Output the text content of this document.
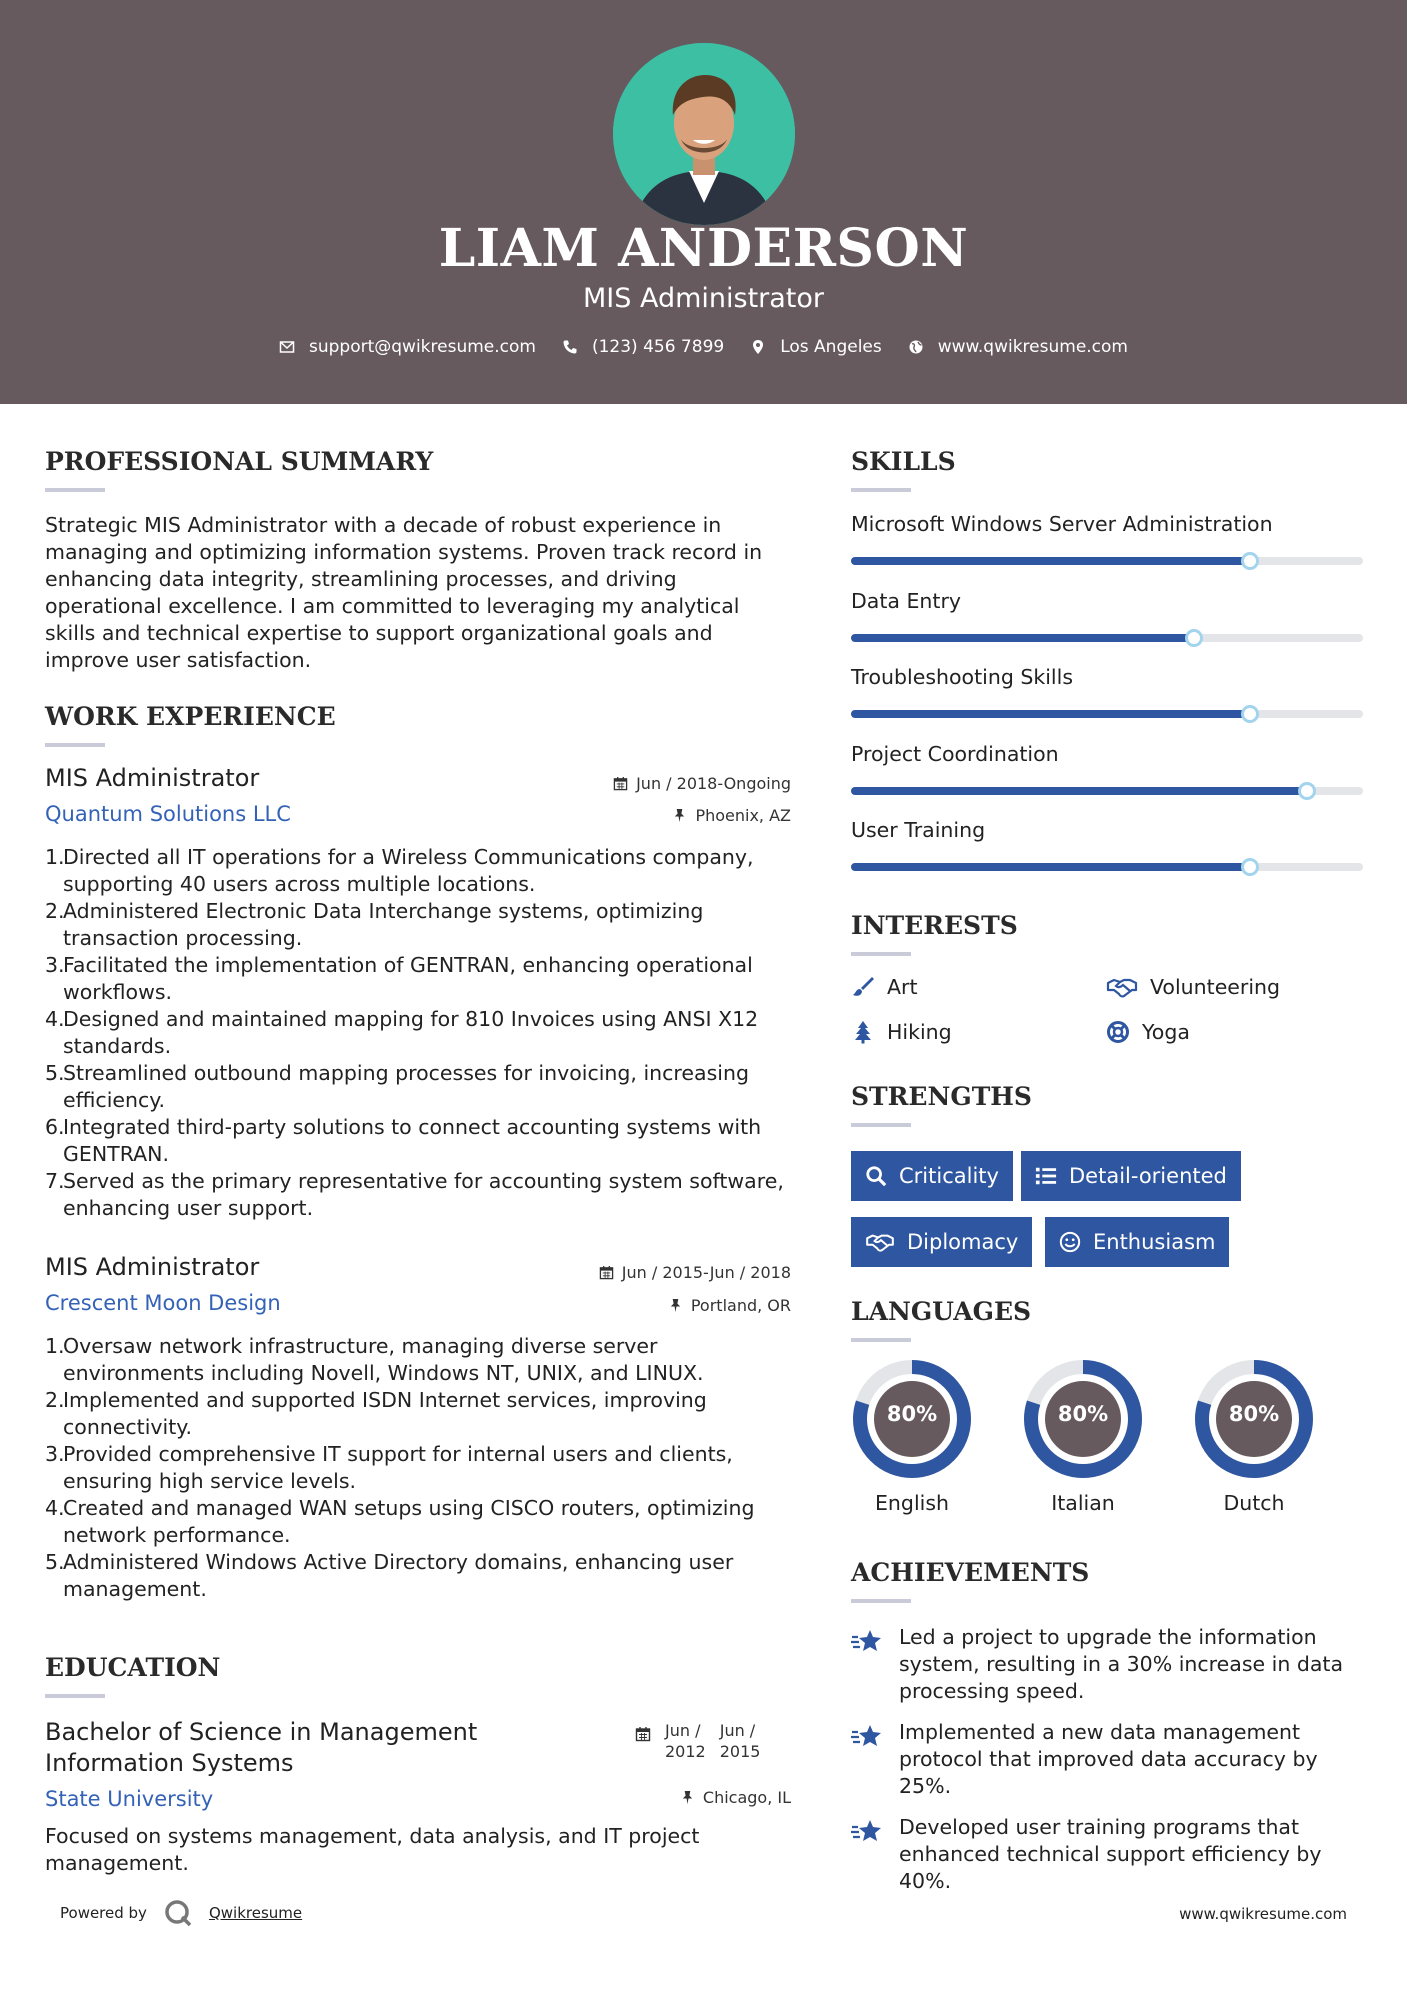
LIAM ANDERSON
MIS Administrator
support@qwikresume.com	(123) 456 7899	Los Angeles	www.qwikresume.com
PROFESSIONAL SUMMARY
Strategic MIS Administrator with a decade of robust experience in managing and optimizing information systems. Proven track record in enhancing data integrity, streamlining processes, and driving operational excellence. I am committed to leveraging my analytical skills and technical expertise to support organizational goals and improve user satisfaction.
WORK EXPERIENCE
MIS Administrator	Jun / 2018-Ongoing
Quantum Solutions LLC	Phoenix, AZ
1.
Directed all IT operations for a Wireless Communications company, supporting 40 users across multiple locations.
2.
Administered Electronic Data Interchange systems, optimizing transaction processing.
3.
Facilitated the implementation of GENTRAN, enhancing operational workflows.
4.
Designed and maintained mapping for 810 Invoices using ANSI X12 standards.
5.
Streamlined outbound mapping processes for invoicing, increasing efficiency.
6.
Integrated third-party solutions to connect accounting systems with GENTRAN.
7.
Served as the primary representative for accounting system software, enhancing user support.
MIS Administrator	Jun / 2015-Jun / 2018
Crescent Moon Design	Portland, OR
1.
Oversaw network infrastructure, managing diverse server environments including Novell, Windows NT, UNIX, and LINUX.
2.
Implemented and supported ISDN Internet services, improving connectivity.
3.
Provided comprehensive IT support for internal users and clients, ensuring high service levels.
4.
Created and managed WAN setups using CISCO routers, optimizing network performance.
5.
Administered Windows Active Directory domains, enhancing user management.
EDUCATION
Bachelor of Science in Management Information Systems
Jun /
2012
Jun /
2015
State University	Chicago, IL
Focused on systems management, data analysis, and IT project management.
Powered by	Qwikresume	www.qwikresume.com
SKILLS
Microsoft Windows Server Administration
Data Entry
Troubleshooting Skills
Project Coordination
User Training
INTERESTS
Art	Volunteering
Hiking	Yoga
STRENGTHS
Criticality	Detail-oriented
Diplomacy	Enthusiasm
LANGUAGES
80%
English
80%
Italian
80%
Dutch
ACHIEVEMENTS
Led a project to upgrade the information system, resulting in a 30% increase in data processing speed.
Implemented a new data management protocol that improved data accuracy by 25%.
Developed user training programs that enhanced technical support efficiency by 40%.
